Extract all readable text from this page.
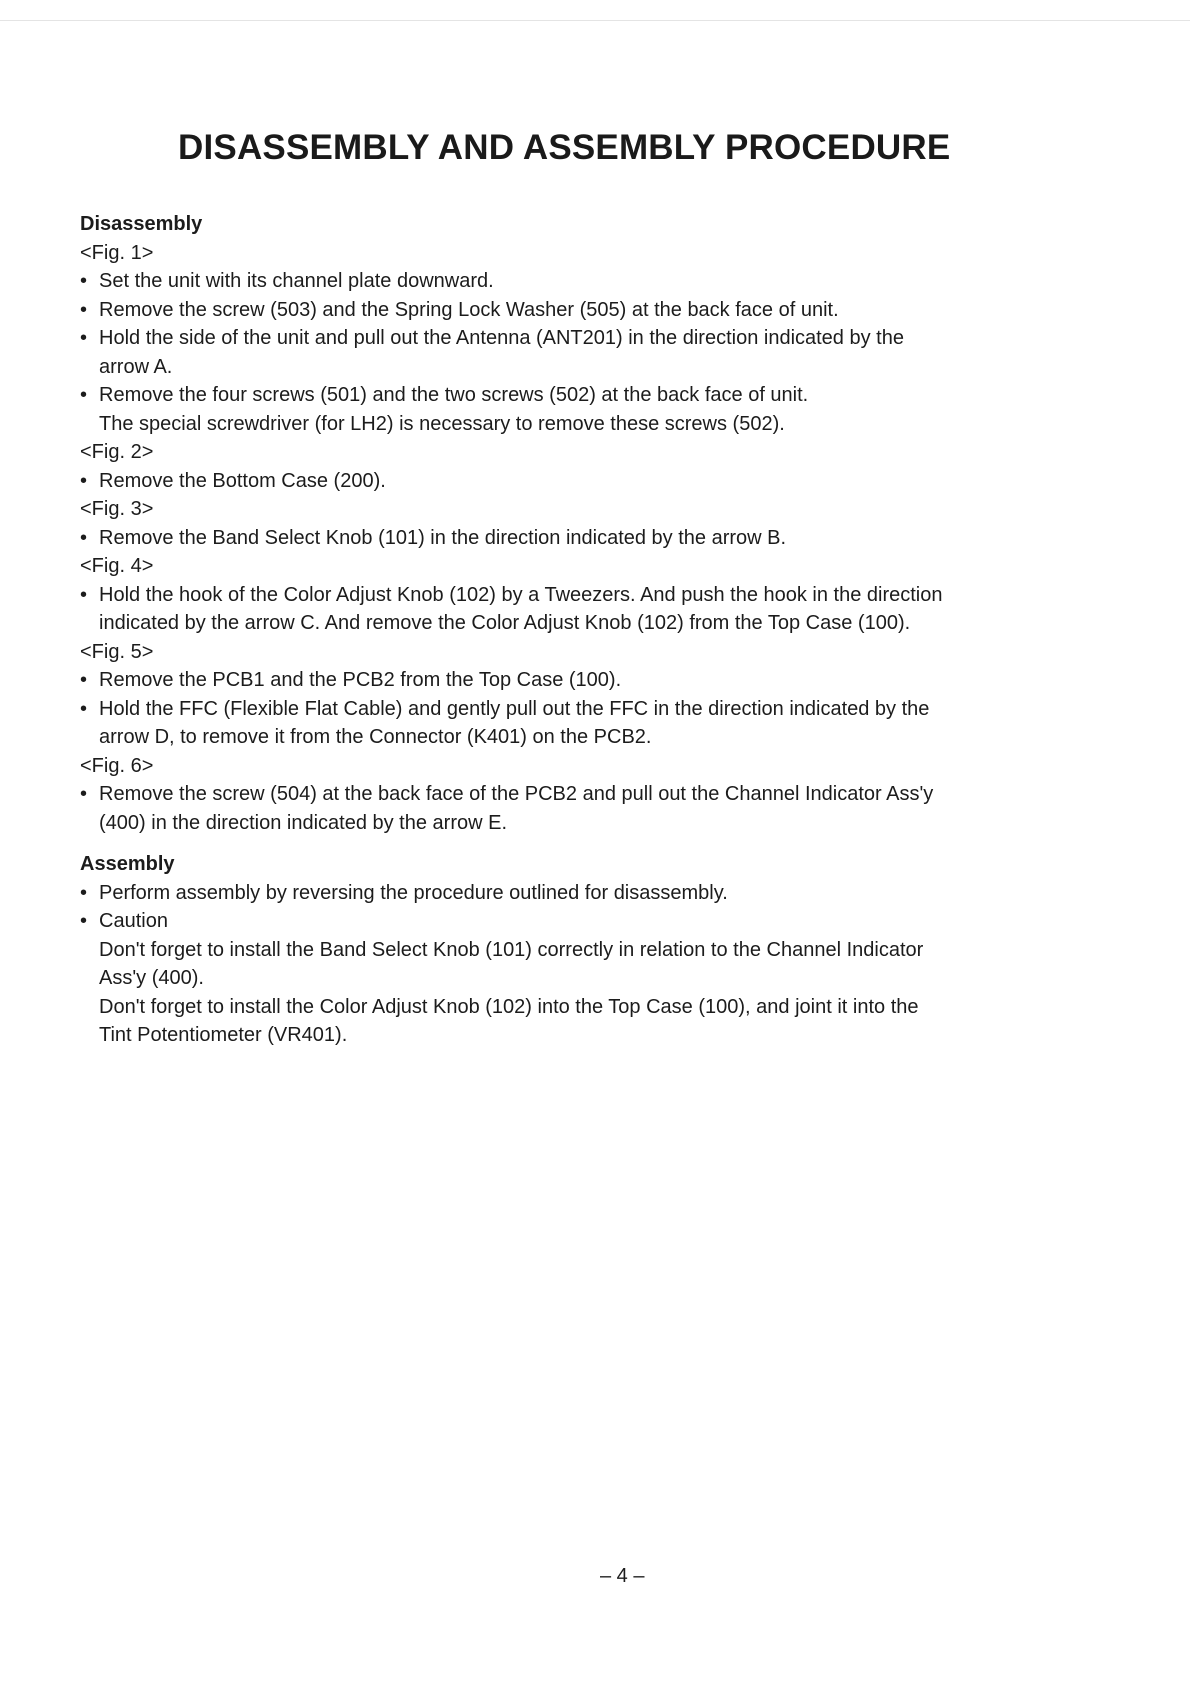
DISASSEMBLY AND ASSEMBLY PROCEDURE
Disassembly
<Fig. 1>
• Set the unit with its channel plate downward.
• Remove the screw (503) and the Spring Lock Washer (505) at the back face of unit.
• Hold the side of the unit and pull out the Antenna (ANT201) in the direction indicated by the
arrow A.
• Remove the four screws (501) and the two screws (502) at the back face of unit.
The special screwdriver (for LH2) is necessary to remove these screws (502).
<Fig. 2>
• Remove the Bottom Case (200).
<Fig. 3>
• Remove the Band Select Knob (101) in the direction indicated by the arrow B.
<Fig. 4>
• Hold the hook of the Color Adjust Knob (102) by a Tweezers. And push the hook in the direction
indicated by the arrow C. And remove the Color Adjust Knob (102) from the Top Case (100).
<Fig. 5>
• Remove the PCB1 and the PCB2 from the Top Case (100).
• Hold the FFC (Flexible Flat Cable) and gently pull out the FFC in the direction indicated by the
arrow D, to remove it from the Connector (K401) on the PCB2.
<Fig. 6>
• Remove the screw (504) at the back face of the PCB2 and pull out the Channel Indicator Ass'y
(400) in the direction indicated by the arrow E.
Assembly
• Perform assembly by reversing the procedure outlined for disassembly.
• Caution
Don't forget to install the Band Select Knob (101) correctly in relation to the Channel Indicator
Ass'y (400).
Don't forget to install the Color Adjust Knob (102) into the Top Case (100), and joint it into the
Tint Potentiometer (VR401).
– 4 –
